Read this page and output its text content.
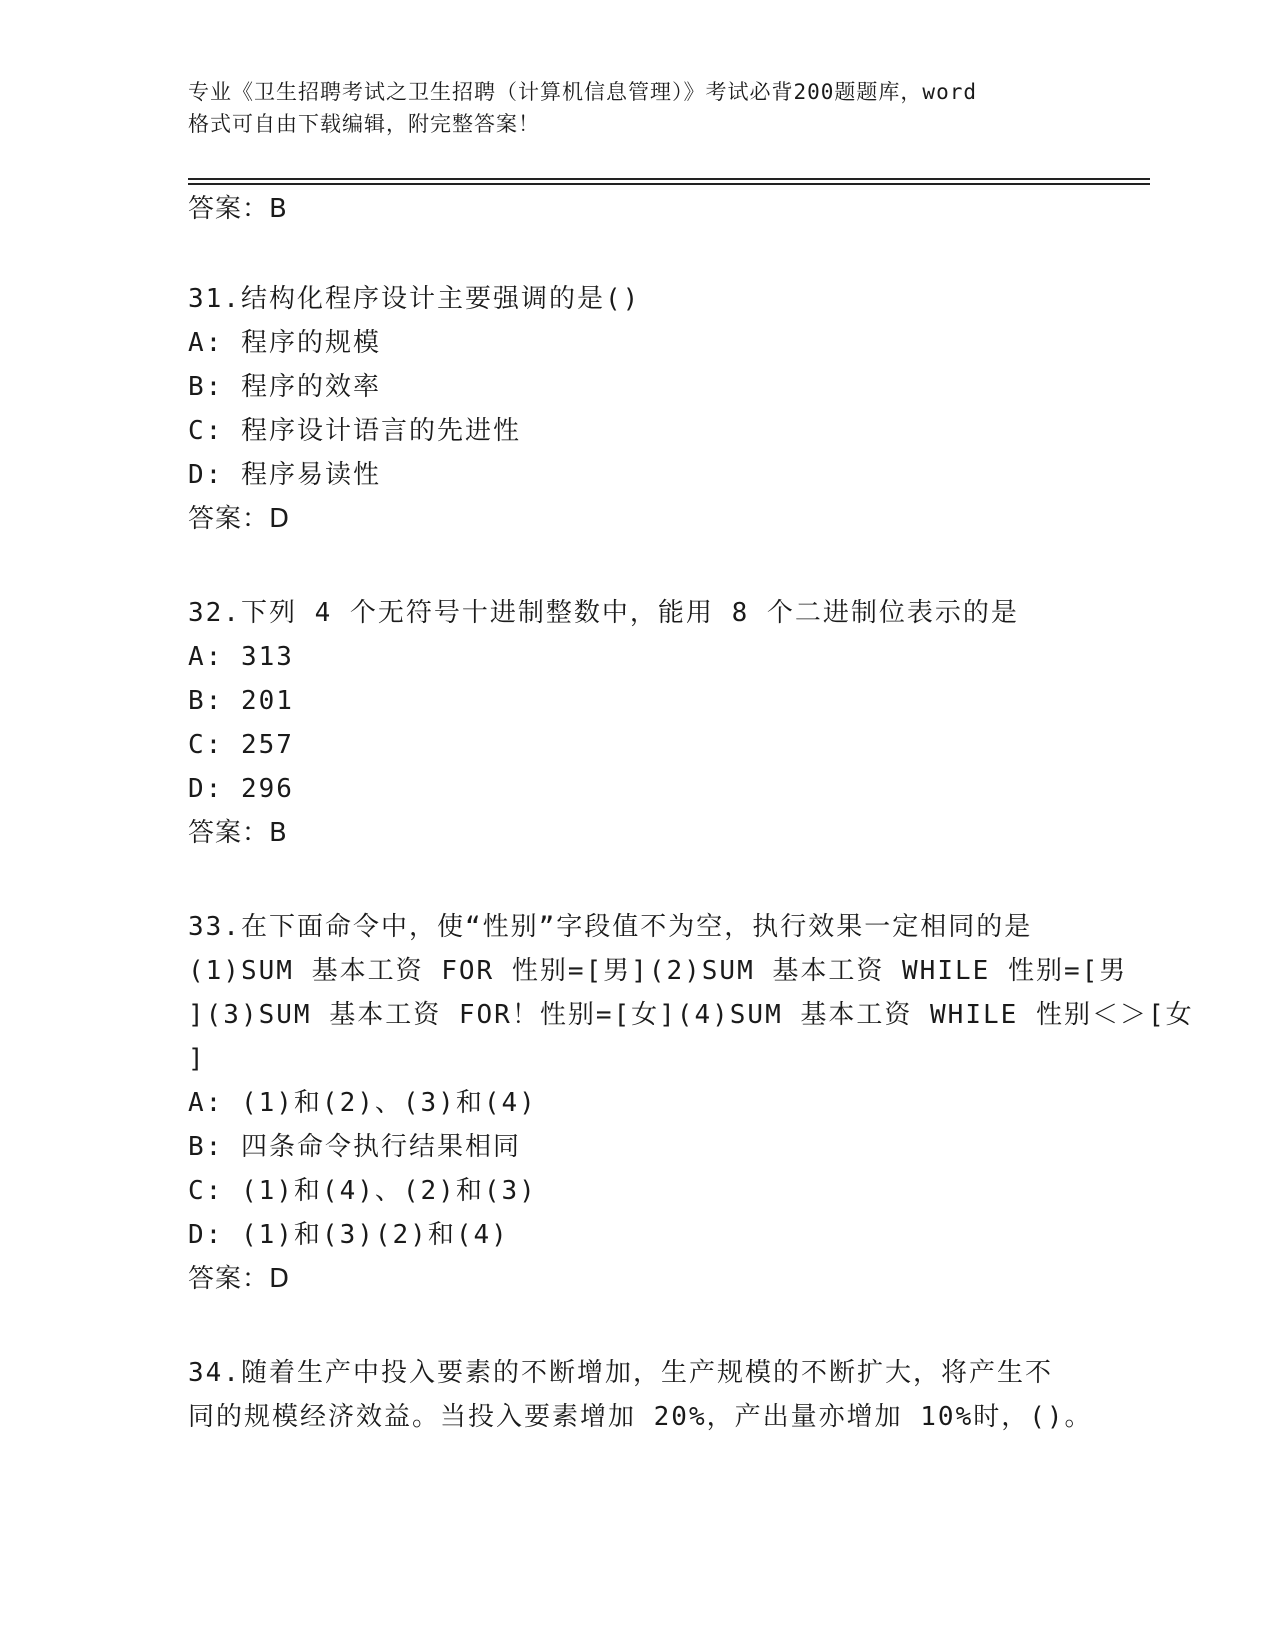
专业《卫生招聘考试之卫生招聘（计算机信息管理）》考试必背200题题库，word
格式可自由下载编辑，附完整答案！
答案：B
31.结构化程序设计主要强调的是()
A: 程序的规模
B: 程序的效率
C: 程序设计语言的先进性
D: 程序易读性
答案：D
32.下列 4 个无符号十进制整数中，能用 8 个二进制位表示的是
A: 313
B: 201
C: 257
D: 296
答案：B
33.在下面命令中，使“性别”字段值不为空，执行效果一定相同的是
(1)SUM 基本工资 FOR 性别=[男](2)SUM 基本工资 WHILE 性别=[男
](3)SUM 基本工资 FOR！性别=[女](4)SUM 基本工资 WHILE 性别＜＞[女
]
A: (1)和(2)、(3)和(4)
B: 四条命令执行结果相同
C: (1)和(4)、(2)和(3)
D: (1)和(3)(2)和(4)
答案：D
34.随着生产中投入要素的不断增加，生产规模的不断扩大，将产生不
同的规模经济效益。当投入要素增加 20%，产出量亦增加 10%时，()。
